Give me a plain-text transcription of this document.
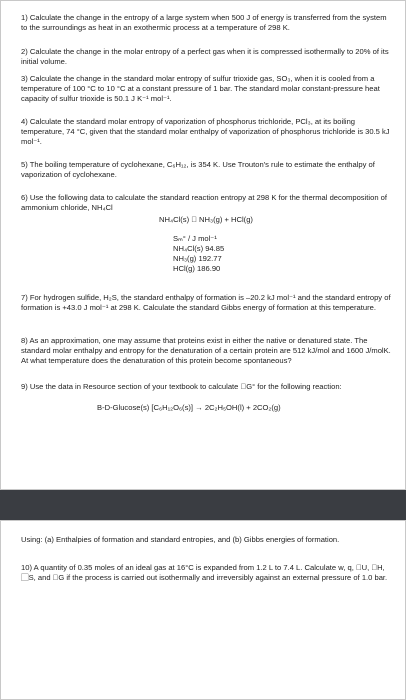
1) Calculate the change in the entropy of a large system when 500 J of energy is transferred from the system to the surroundings as heat in an exothermic process at a temperature of 298 K.

2) Calculate the change in the molar entropy of a perfect gas when it is compressed isothermally to 20% of its initial volume.

3) Calculate the change in the standard molar entropy of sulfur trioxide gas, SO₃, when it is cooled from a temperature of 100 °C to 10 °C at a constant pressure of 1 bar. The standard molar constant-pressure heat capacity of sulfur trioxide is 50.1 J K⁻¹ mol⁻¹.

4) Calculate the standard molar entropy of vaporization of phosphorus trichloride, PCl₃, at its boiling temperature, 74 °C, given that the standard molar enthalpy of vaporization of phosphorus trichloride is 30.5 kJ mol⁻¹.

5) The boiling temperature of cyclohexane, C₆H₁₂, is 354 K. Use Trouton's rule to estimate the enthalpy of vaporization of cyclohexane.

6) Use the following data to calculate the standard reaction entropy at 298 K for the thermal decomposition of ammonium chloride, NH₄Cl

NH₄Cl(s) ⃞ NH₃(g) + HCl(g)

Sₘ° / J mol⁻¹
NH₄Cl(s) 94.85
NH₃(g) 192.77
HCl(g) 186.90

7) For hydrogen sulfide, H₂S, the standard enthalpy of formation is –20.2 kJ mol⁻¹ and the standard entropy of formation is +43.0 J mol⁻¹ at 298 K. Calculate the standard Gibbs energy of formation at this temperature.

8) As an approximation, one may assume that proteins exist in either the native or denatured state. The standard molar enthalpy and entropy for the denaturation of a certain protein are 512 kJ/mol and 1600 J/molK. At what temperature does the denaturation of this protein become spontaneous?

9) Use the data in Resource section of your textbook to calculate ⃞G° for the following reaction:

B-D-Glucose(s) [C₆H₁₂O₆(s)] → 2C₂H₅OH(l) + 2CO₂(g)

Using: (a) Enthalpies of formation and standard entropies, and (b) Gibbs energies of formation.

10) A quantity of 0.35 moles of an ideal gas at 16°C is expanded from 1.2 L to 7.4 L. Calculate w, q, ⃞U, ⃞H, ⃞S, and ⃞G if the process is carried out isothermally and irreversibly against an external pressure of 1.0 bar.
